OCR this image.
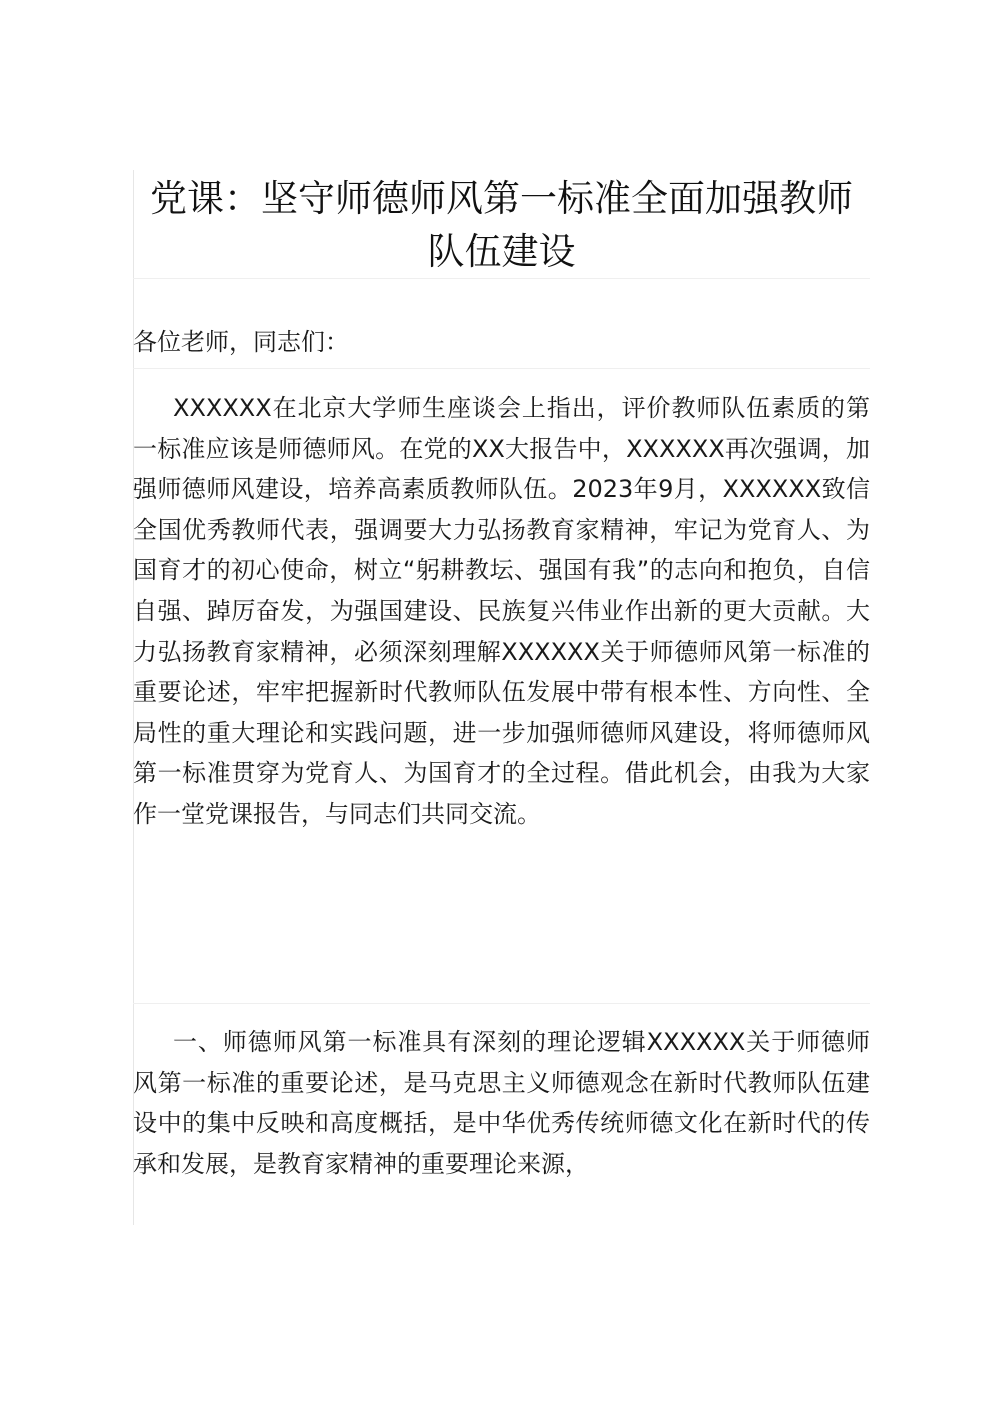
党课：坚守师德师风第一标准全面加强教师队伍建设

各位老师，同志们：

XXXXXX在北京大学师生座谈会上指出，评价教师队伍素质的第一标准应该是师德师风。在党的XX大报告中，XXXXXX再次强调，加强师德师风建设，培养高素质教师队伍。2023年9月，XXXXXX致信全国优秀教师代表，强调要大力弘扬教育家精神，牢记为党育人、为国育才的初心使命，树立“躬耕教坛、强国有我”的志向和抱负，自信自强、踔厉奋发，为强国建设、民族复兴伟业作出新的更大贡献。大力弘扬教育家精神，必须深刻理解XXXXXX关于师德师风第一标准的重要论述，牢牢把握新时代教师队伍发展中带有根本性、方向性、全局性的重大理论和实践问题，进一步加强师德师风建设，将师德师风第一标准贯穿为党育人、为国育才的全过程。借此机会，由我为大家作一堂党课报告，与同志们共同交流。

一、师德师风第一标准具有深刻的理论逻辑XXXXXX关于师德师风第一标准的重要论述，是马克思主义师德观念在新时代教师队伍建设中的集中反映和高度概括，是中华优秀传统师德文化在新时代的传承和发展，是教育家精神的重要理论来源，
